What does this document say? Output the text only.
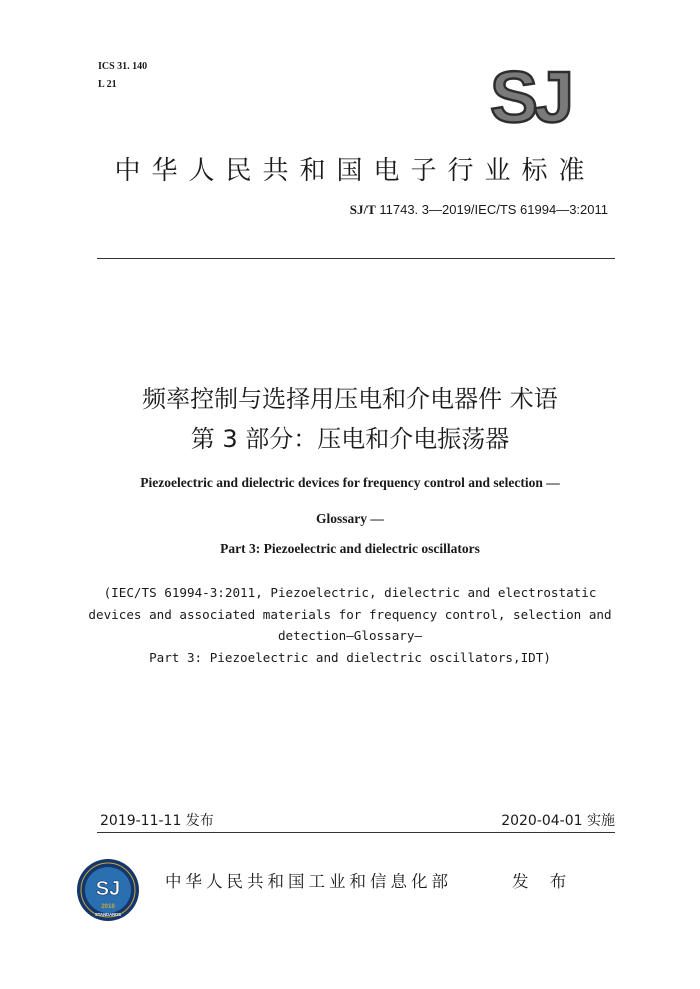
ICS 31. 140
L 21	SJ
中华人民共和国电子行业标准
SJ/T 11743. 3—2019/IEC/TS 61994—3:2011
频率控制与选择用压电和介电器件 术语
第 3 部分：压电和介电振荡器
Piezoelectric and dielectric devices for frequency control and selection —
Glossary —
Part 3: Piezoelectric and dielectric oscillators
(IEC/TS 61994-3:2011, Piezoelectric, dielectric and electrostatic
devices and associated materials for frequency control, selection and
detection—Glossary—
Part 3: Piezoelectric and dielectric oscillators,IDT)
2019-11-11 发布	2020-04-01 实施
SJ
2018
STANDARDS
中华人民共和国工业和信息化部	发 布
